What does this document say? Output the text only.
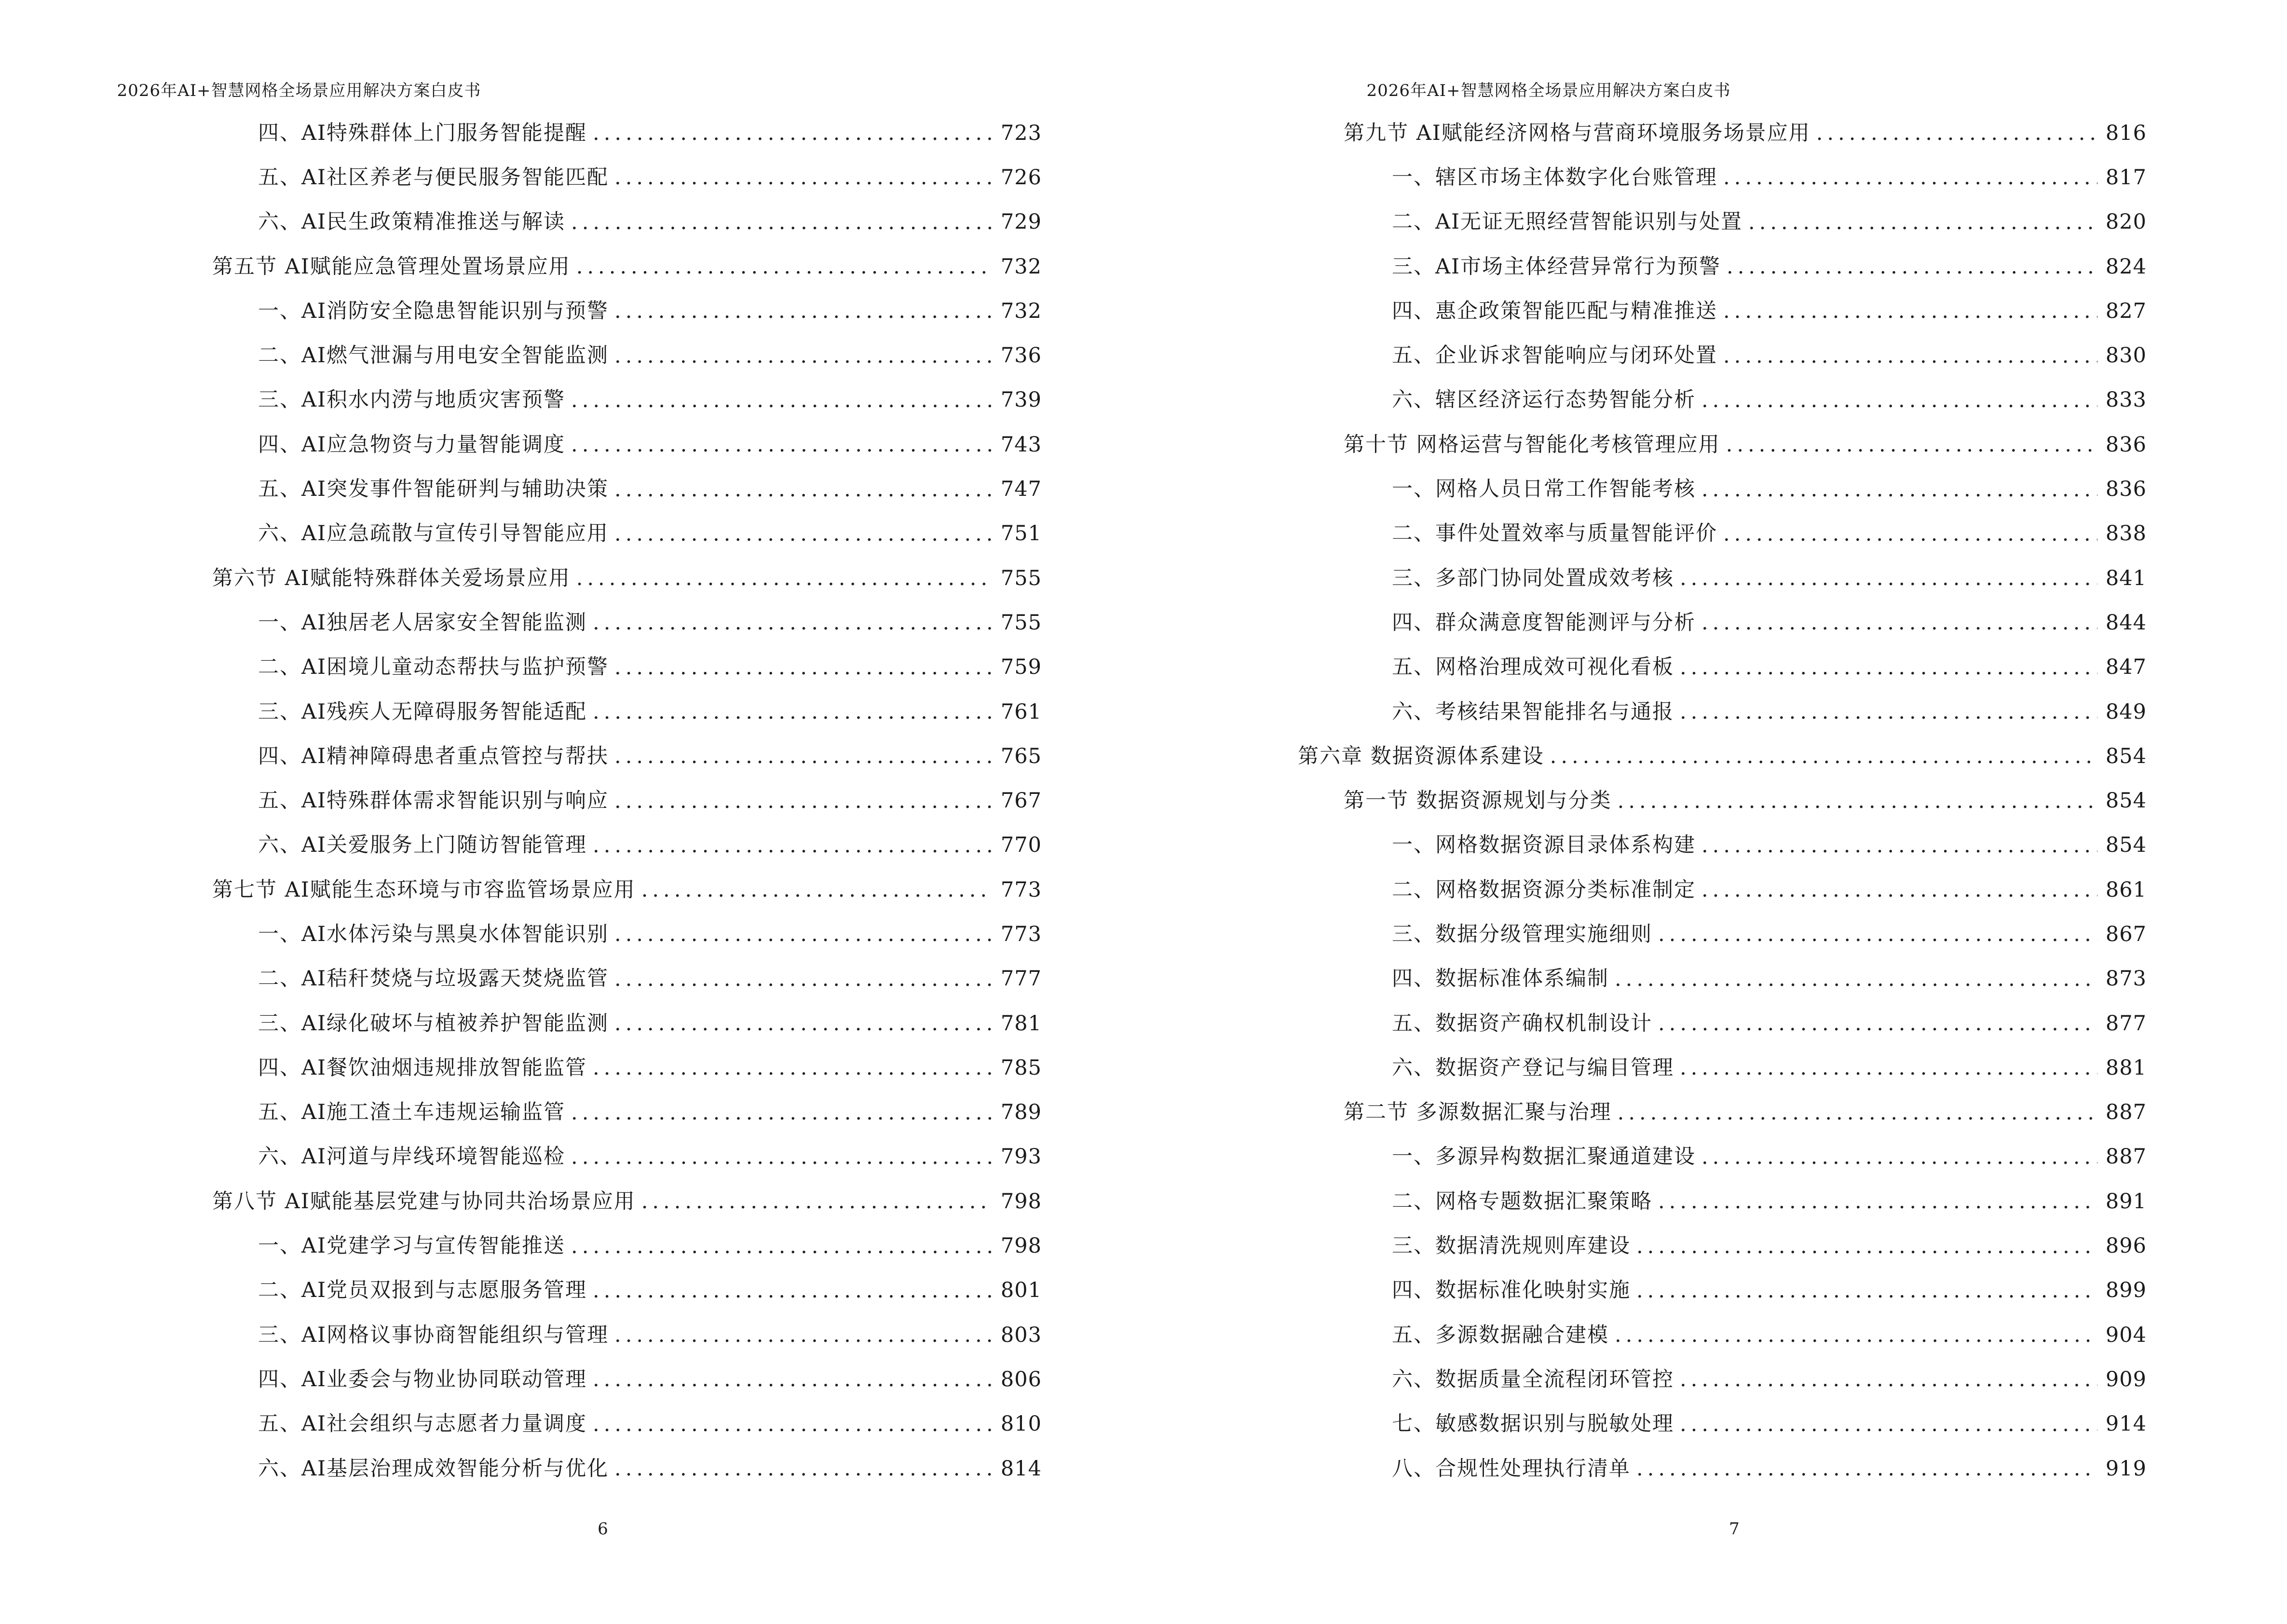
2026年AI+智慧网格全场景应用解决方案白皮书
四、AI特殊群体上门服务智能提醒 .....	723
五、AI社区养老与便民服务智能匹配 .....	726
六、AI民生政策精准推送与解读 .....	729
第五节 AI赋能应急管理处置场景应用 .....	732
一、AI消防安全隐患智能识别与预警 .....	732
二、AI燃气泄漏与用电安全智能监测 .....	736
三、AI积水内涝与地质灾害预警 .....	739
四、AI应急物资与力量智能调度 .....	743
五、AI突发事件智能研判与辅助决策 .....	747
六、AI应急疏散与宣传引导智能应用 .....	751
第六节 AI赋能特殊群体关爱场景应用 .....	755
一、AI独居老人居家安全智能监测 .....	755
二、AI困境儿童动态帮扶与监护预警 .....	759
三、AI残疾人无障碍服务智能适配 .....	761
四、AI精神障碍患者重点管控与帮扶 .....	765
五、AI特殊群体需求智能识别与响应 .....	767
六、AI关爱服务上门随访智能管理 .....	770
第七节 AI赋能生态环境与市容监管场景应用 .....	773
一、AI水体污染与黑臭水体智能识别 .....	773
二、AI秸秆焚烧与垃圾露天焚烧监管 .....	777
三、AI绿化破坏与植被养护智能监测 .....	781
四、AI餐饮油烟违规排放智能监管 .....	785
五、AI施工渣土车违规运输监管 .....	789
六、AI河道与岸线环境智能巡检 .....	793
第八节 AI赋能基层党建与协同共治场景应用 .....	798
一、AI党建学习与宣传智能推送 .....	798
二、AI党员双报到与志愿服务管理 .....	801
三、AI网格议事协商智能组织与管理 .....	803
四、AI业委会与物业协同联动管理 .....	806
五、AI社会组织与志愿者力量调度 .....	810
六、AI基层治理成效智能分析与优化 .....	814
6
2026年AI+智慧网格全场景应用解决方案白皮书
第九节 AI赋能经济网格与营商环境服务场景应用 .....	816
一、辖区市场主体数字化台账管理 .....	817
二、AI无证无照经营智能识别与处置 .....	820
三、AI市场主体经营异常行为预警 .....	824
四、惠企政策智能匹配与精准推送 .....	827
五、企业诉求智能响应与闭环处置 .....	830
六、辖区经济运行态势智能分析 .....	833
第十节 网格运营与智能化考核管理应用 .....	836
一、网格人员日常工作智能考核 .....	836
二、事件处置效率与质量智能评价 .....	838
三、多部门协同处置成效考核 .....	841
四、群众满意度智能测评与分析 .....	844
五、网格治理成效可视化看板 .....	847
六、考核结果智能排名与通报 .....	849
第六章 数据资源体系建设 .....	854
第一节 数据资源规划与分类 .....	854
一、网格数据资源目录体系构建 .....	854
二、网格数据资源分类标准制定 .....	861
三、数据分级管理实施细则 .....	867
四、数据标准体系编制 .....	873
五、数据资产确权机制设计 .....	877
六、数据资产登记与编目管理 .....	881
第二节 多源数据汇聚与治理 .....	887
一、多源异构数据汇聚通道建设 .....	887
二、网格专题数据汇聚策略 .....	891
三、数据清洗规则库建设 .....	896
四、数据标准化映射实施 .....	899
五、多源数据融合建模 .....	904
六、数据质量全流程闭环管控 .....	909
七、敏感数据识别与脱敏处理 .....	914
八、合规性处理执行清单 .....	919
7
